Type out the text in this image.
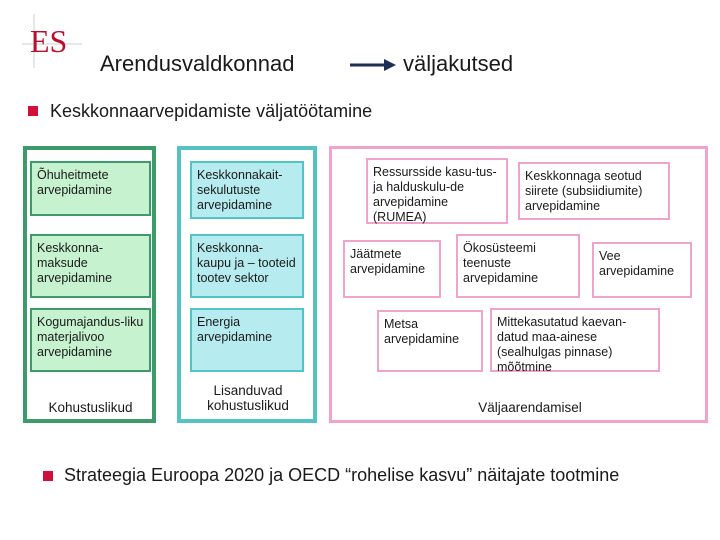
ES
Arendusvaldkonnad	väljakutsed
Keskkonnaarvepidamiste väljatöötamine
Õhuheitmete arvepidamine
Keskkonna-maksude arvepidamine
Kogumajandus-liku materjalivoo arvepidamine
Kohustuslikud
Keskkonnakait-sekulutuste arvepidamine
Keskkonna-kaupu ja – tooteid tootev sektor
Energia arvepidamine
Lisanduvad kohustuslikud
Ressursside kasu-tus- ja halduskulu-de arvepidamine (RUMEA)
Keskkonnaga seotud siirete (subsiidiumite) arvepidamine
Jäätmete arvepidamine
Ökosüsteemi teenuste arvepidamine
Vee arvepidamine
Metsa arvepidamine
Mittekasutatud kaevan-datud maa-ainese (sealhulgas pinnase) mõõtmine
Väljaarendamisel
Strateegia Euroopa 2020 ja OECD “rohelise kasvu” näitajate tootmine
